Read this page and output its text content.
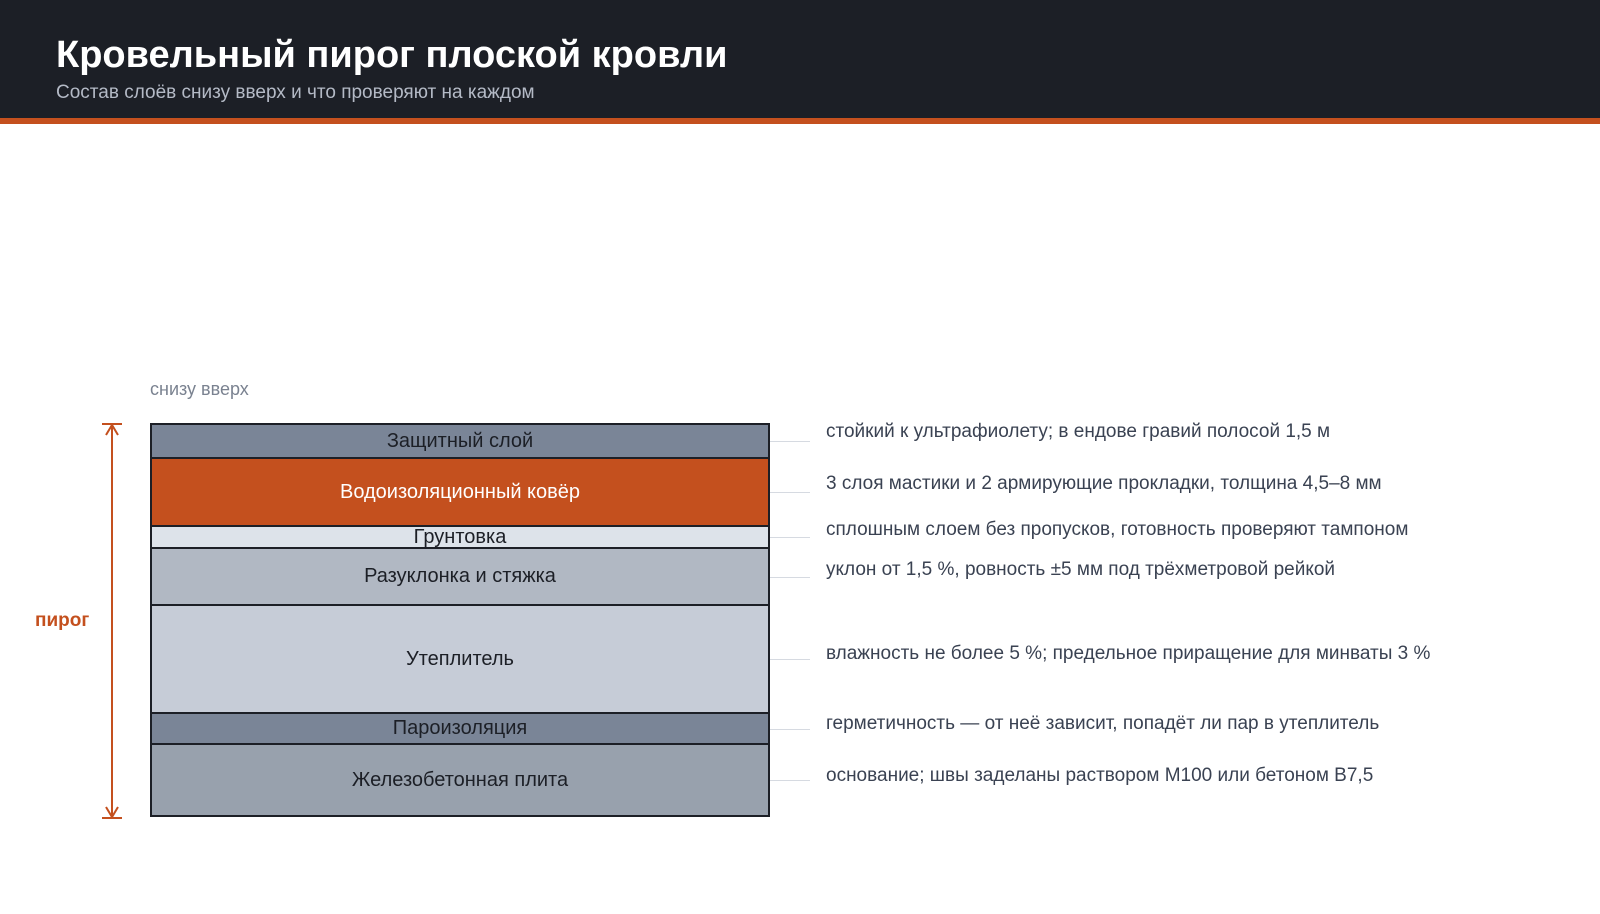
Кровельный пирог плоской кровли
Состав слоёв снизу вверх и что проверяют на каждом
снизу вверх
пирог
Защитный слой
Водоизоляционный ковёр
Грунтовка
Разуклонка и стяжка
Утеплитель
Пароизоляция
Железобетонная плита
стойкий к ультрафиолету; в ендове гравий полосой 1,5 м
3 слоя мастики и 2 армирующие прокладки, толщина 4,5–8 мм
сплошным слоем без пропусков, готовность проверяют тампоном
уклон от 1,5 %, ровность ±5 мм под трёхметровой рейкой
влажность не более 5 %; предельное приращение для минваты 3 %
герметичность — от неё зависит, попадёт ли пар в утеплитель
основание; швы заделаны раствором М100 или бетоном В7,5
